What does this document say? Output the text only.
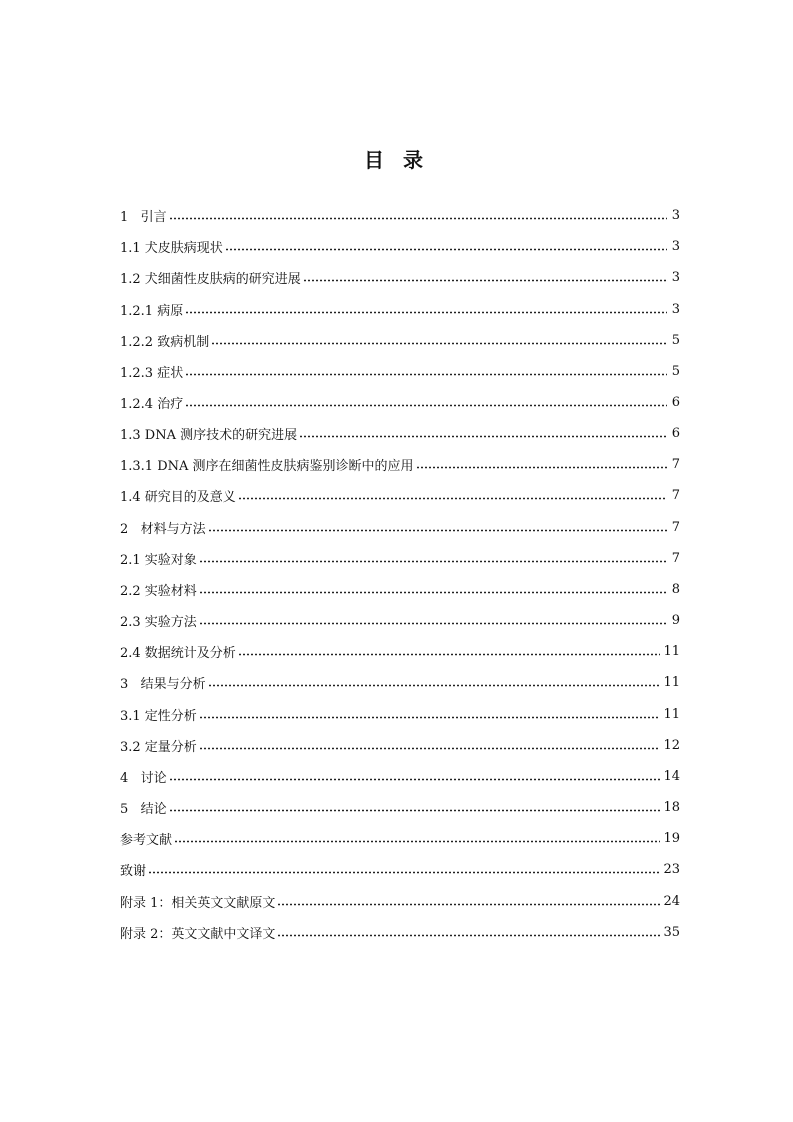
目 录
1   引言	3
1.1 犬皮肤病现状	3
1.2 犬细菌性皮肤病的研究进展	3
1.2.1 病原	3
1.2.2 致病机制	5
1.2.3 症状	5
1.2.4 治疗	6
1.3 DNA 测序技术的研究进展	6
1.3.1 DNA 测序在细菌性皮肤病鉴别诊断中的应用	7
1.4 研究目的及意义	7
2   材料与方法	7
2.1 实验对象	7
2.2 实验材料	8
2.3 实验方法	9
2.4 数据统计及分析	11
3   结果与分析	11
3.1 定性分析	11
3.2 定量分析	12
4   讨论	14
5   结论	18
参考文献	19
致谢	23
附录 1：相关英文文献原文	24
附录 2：英文文献中文译文	35
